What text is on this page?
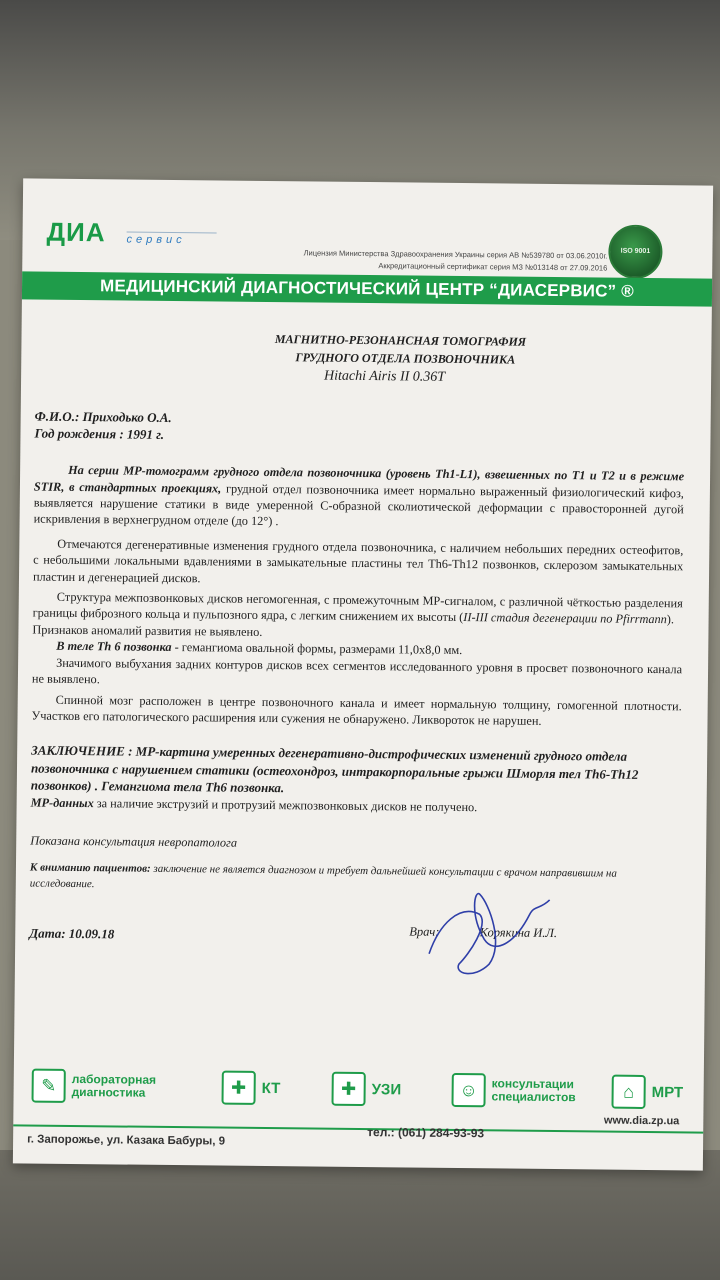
ДИА сервис
Лицензия Министерства Здравоохранения Украины серия АВ №539780 от 03.06.2010г.
Аккредитационный сертификат серия МЗ №013148 от 27.09.2016
ISO 9001
МЕДИЦИНСКИЙ ДИАГНОСТИЧЕСКИЙ ЦЕНТР “ДИАСЕРВИС” ®
МАГНИТНО-РЕЗОНАНСНАЯ ТОМОГРАФИЯ
ГРУДНОГО ОТДЕЛА ПОЗВОНОЧНИКА
Hitachi Airis II 0.36T
Ф.И.О.: Приходько О.А.
Год рождения : 1991 г.
На серии МР-томограмм грудного отдела позвоночника (уровень Th1-L1), взвешенных по Т1 и Т2 и в режиме STIR, в стандартных проекциях, грудной отдел позвоночника имеет нормально выраженный физиологический кифоз, выявляется нарушение статики в виде умеренной С-образной сколиотической деформации с правосторонней дугой искривления в верхнегрудном отделе (до 12°) .
Отмечаются дегенеративные изменения грудного отдела позвоночника, с наличием небольших передних остеофитов, с небольшими локальными вдавлениями в замыкательные пластины тел Th6-Th12 позвонков, склерозом замыкательных пластин и дегенерацией дисков.
Структура межпозвонковых дисков негомогенная, с промежуточным МР-сигналом, с различной чёткостью разделения границы фиброзного кольца и пульпозного ядра, с легким снижением их высоты (II-III стадия дегенерации по Pfirrmann).
Признаков аномалий развития не выявлено.
В теле Th 6 позвонка - гемангиома овальной формы, размерами 11,0х8,0 мм.
Значимого выбухания задних контуров дисков всех сегментов исследованного уровня в просвет позвоночного канала не выявлено.
Спинной мозг расположен в центре позвоночного канала и имеет нормальную толщину, гомогенной плотности. Участков его патологического расширения или сужения не обнаружено. Ликвороток не нарушен.
ЗАКЛЮЧЕНИЕ : МР-картина умеренных дегенеративно-дистрофических изменений грудного отдела позвоночника с нарушением статики (остеохондроз, интракорпоральные грыжи Шморля тел Th6-Th12 позвонков) . Гемангиома тела Th6 позвонка.
МР-данных за наличие экструзий и протрузий межпозвонковых дисков не получено.
Показана консультация невропатолога
К вниманию пациентов: заключение не является диагнозом и требует дальнейшей консультации с врачом направившим на исследование.
Дата: 10.09.18	Врач:	Корякина И.Л.
✎	лабораторная диагностика	✚	КТ	✚	УЗИ	☺	консультации специалистов	⌂	МРТ
www.dia.zp.ua
тел.: (061) 284-93-93
г. Запорожье, ул. Казака Бабуры, 9
